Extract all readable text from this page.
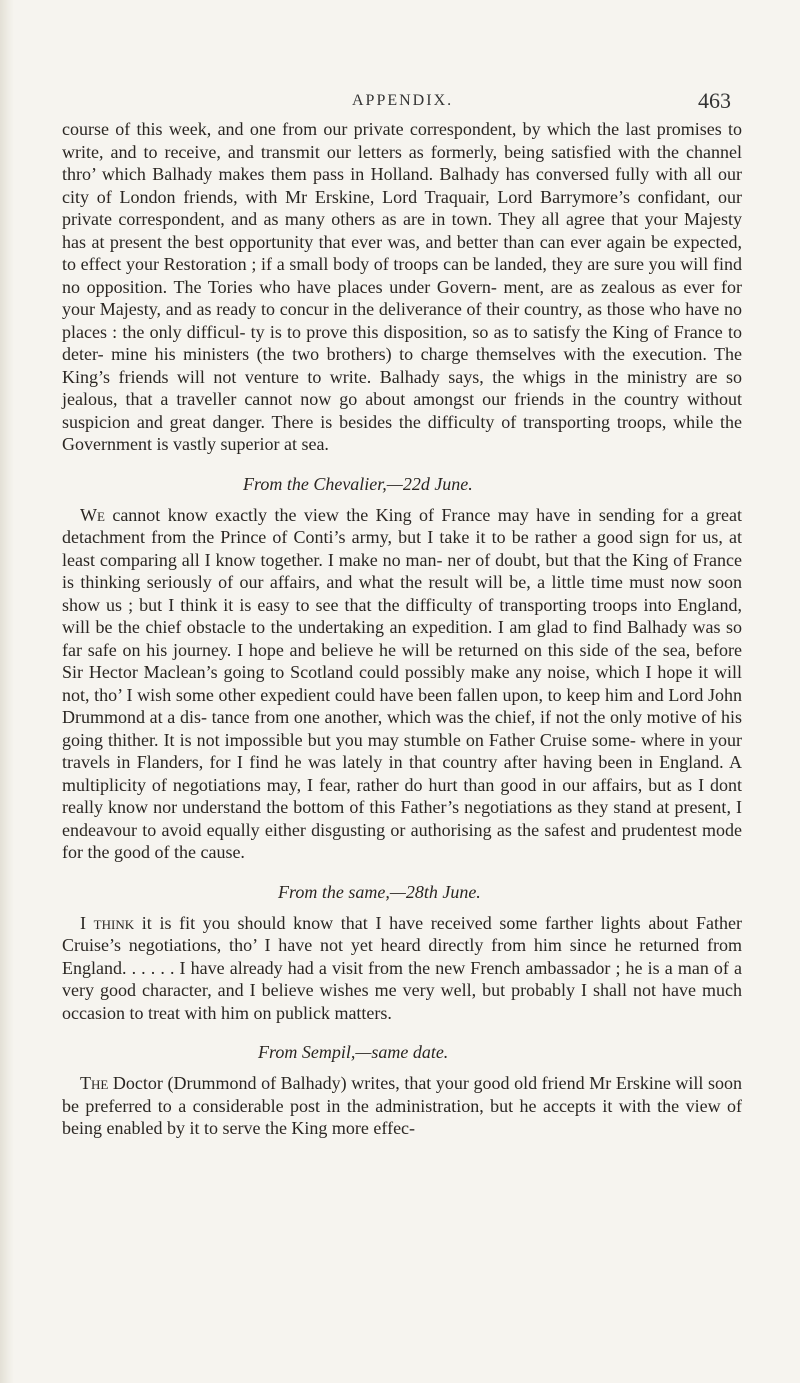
APPENDIX.	463

course of this week, and one from our private correspondent, by which the last promises to write, and to receive, and transmit our letters as formerly, being satisfied with the channel thro’ which Balhady makes them pass in Holland. Balhady has conversed fully with all our city of London friends, with Mr Erskine, Lord Traquair, Lord Barrymore’s confidant, our private correspondent, and as many others as are in town. They all agree that your Majesty has at present the best opportunity that ever was, and better than can ever again be expected, to effect your Restoration ; if a small body of troops can be landed, they are sure you will find no opposition. The Tories who have places under Govern- ment, are as zealous as ever for your Majesty, and as ready to concur in the deliverance of their country, as those who have no places : the only difficul- ty is to prove this disposition, so as to satisfy the King of France to deter- mine his ministers (the two brothers) to charge themselves with the execution. The King’s friends will not venture to write. Balhady says, the whigs in the ministry are so jealous, that a traveller cannot now go about amongst our friends in the country without suspicion and great danger. There is besides the difficulty of transporting troops, while the Government is vastly superior at sea.

From the Chevalier,—22d June.

We cannot know exactly the view the King of France may have in sending for a great detachment from the Prince of Conti’s army, but I take it to be rather a good sign for us, at least comparing all I know together. I make no man- ner of doubt, but that the King of France is thinking seriously of our affairs, and what the result will be, a little time must now soon show us ; but I think it is easy to see that the difficulty of transporting troops into England, will be the chief obstacle to the undertaking an expedition. I am glad to find Balhady was so far safe on his journey. I hope and believe he will be returned on this side of the sea, before Sir Hector Maclean’s going to Scotland could possibly make any noise, which I hope it will not, tho’ I wish some other expedient could have been fallen upon, to keep him and Lord John Drummond at a dis- tance from one another, which was the chief, if not the only motive of his going thither. It is not impossible but you may stumble on Father Cruise some- where in your travels in Flanders, for I find he was lately in that country after having been in England. A multiplicity of negotiations may, I fear, rather do hurt than good in our affairs, but as I dont really know nor understand the bottom of this Father’s negotiations as they stand at present, I endeavour to avoid equally either disgusting or authorising as the safest and prudentest mode for the good of the cause.

From the same,—28th June.

I think it is fit you should know that I have received some farther lights about Father Cruise’s negotiations, tho’ I have not yet heard directly from him since he returned from England. . . . . . I have already had a visit from the new French ambassador ; he is a man of a very good character, and I believe wishes me very well, but probably I shall not have much occasion to treat with him on publick matters.

From Sempil,—same date.

The Doctor (Drummond of Balhady) writes, that your good old friend Mr Erskine will soon be preferred to a considerable post in the administration, but he accepts it with the view of being enabled by it to serve the King more effec-
